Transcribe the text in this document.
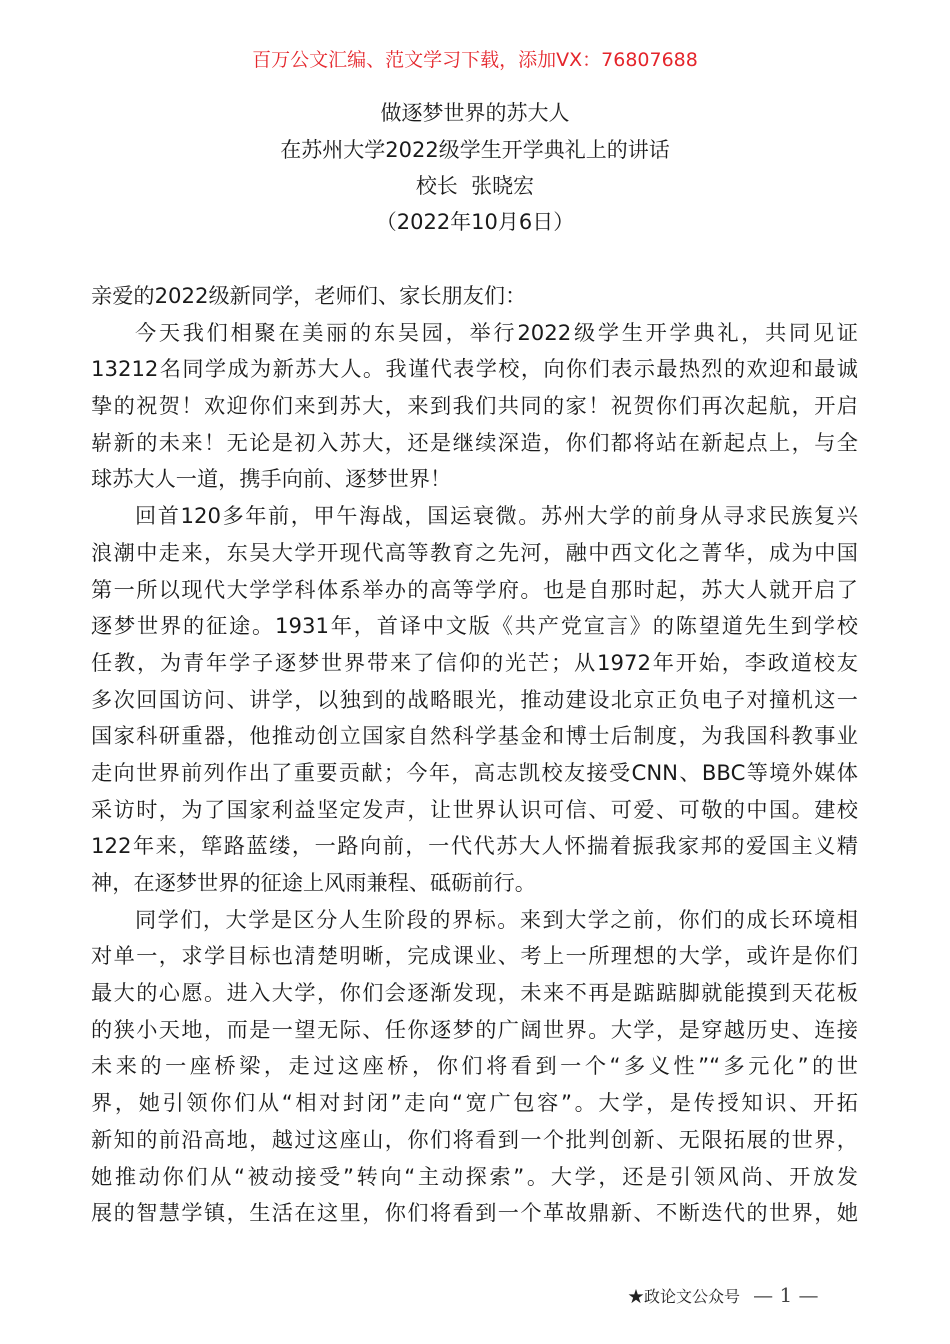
百万公文汇编、范文学习下载，添加VX：76807688
做逐梦世界的苏大人
在苏州大学2022级学生开学典礼上的讲话
校长  张晓宏
（2022年10月6日）
亲爱的2022级新同学，老师们、家长朋友们：
今天我们相聚在美丽的东吴园，举行2022级学生开学典礼，共同见证
13212名同学成为新苏大人。我谨代表学校，向你们表示最热烈的欢迎和最诚
挚的祝贺！欢迎你们来到苏大，来到我们共同的家！祝贺你们再次起航，开启
崭新的未来！无论是初入苏大，还是继续深造，你们都将站在新起点上，与全
球苏大人一道，携手向前、逐梦世界！
回首120多年前，甲午海战，国运衰微。苏州大学的前身从寻求民族复兴
浪潮中走来，东吴大学开现代高等教育之先河，融中西文化之菁华，成为中国
第一所以现代大学学科体系举办的高等学府。也是自那时起，苏大人就开启了
逐梦世界的征途。1931年，首译中文版《共产党宣言》的陈望道先生到学校
任教，为青年学子逐梦世界带来了信仰的光芒；从1972年开始，李政道校友
多次回国访问、讲学，以独到的战略眼光，推动建设北京正负电子对撞机这一
国家科研重器，他推动创立国家自然科学基金和博士后制度，为我国科教事业
走向世界前列作出了重要贡献；今年，高志凯校友接受CNN、BBC等境外媒体
采访时，为了国家利益坚定发声，让世界认识可信、可爱、可敬的中国。建校
122年来，筚路蓝缕，一路向前，一代代苏大人怀揣着振我家邦的爱国主义精
神，在逐梦世界的征途上风雨兼程、砥砺前行。
同学们，大学是区分人生阶段的界标。来到大学之前，你们的成长环境相
对单一，求学目标也清楚明晰，完成课业、考上一所理想的大学，或许是你们
最大的心愿。进入大学，你们会逐渐发现，未来不再是踮踮脚就能摸到天花板
的狭小天地，而是一望无际、任你逐梦的广阔世界。大学，是穿越历史、连接
未来的一座桥梁，走过这座桥，你们将看到一个“多义性”“多元化”的世
界，她引领你们从“相对封闭”走向“宽广包容”。大学，是传授知识、开拓
新知的前沿高地，越过这座山，你们将看到一个批判创新、无限拓展的世界，
她推动你们从“被动接受”转向“主动探索”。大学，还是引领风尚、开放发
展的智慧学镇，生活在这里，你们将看到一个革故鼎新、不断迭代的世界，她
★政论文公众号 — 1 —
